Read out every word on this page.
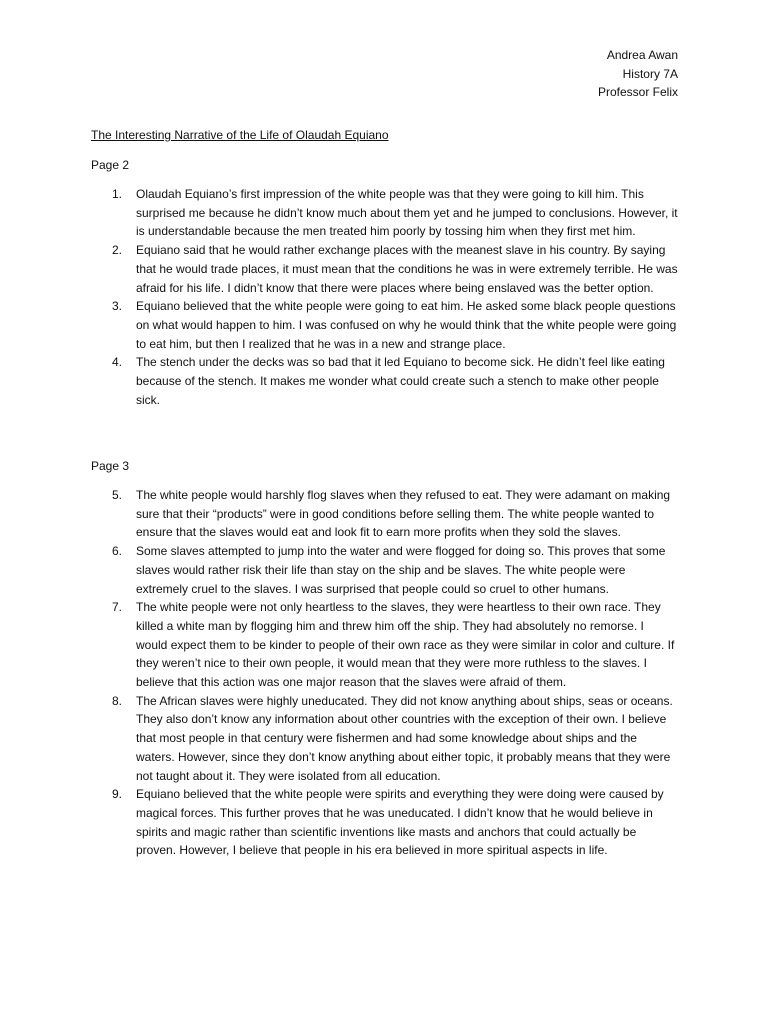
Andrea Awan
History 7A
Professor Felix
The Interesting Narrative of the Life of Olaudah Equiano
Page 2
1. Olaudah Equiano’s first impression of the white people was that they were going to kill him. This surprised me because he didn’t know much about them yet and he jumped to conclusions. However, it is understandable because the men treated him poorly by tossing him when they first met him.
2. Equiano said that he would rather exchange places with the meanest slave in his country. By saying that he would trade places, it must mean that the conditions he was in were extremely terrible. He was afraid for his life. I didn’t know that there were places where being enslaved was the better option.
3. Equiano believed that the white people were going to eat him. He asked some black people questions on what would happen to him. I was confused on why he would think that the white people were going to eat him, but then I realized that he was in a new and strange place.
4. The stench under the decks was so bad that it led Equiano to become sick. He didn’t feel like eating because of the stench. It makes me wonder what could create such a stench to make other people sick.
Page 3
5. The white people would harshly flog slaves when they refused to eat. They were adamant on making sure that their “products” were in good conditions before selling them. The white people wanted to ensure that the slaves would eat and look fit to earn more profits when they sold the slaves.
6. Some slaves attempted to jump into the water and were flogged for doing so. This proves that some slaves would rather risk their life than stay on the ship and be slaves. The white people were extremely cruel to the slaves. I was surprised that people could so cruel to other humans.
7. The white people were not only heartless to the slaves, they were heartless to their own race. They killed a white man by flogging him and threw him off the ship. They had absolutely no remorse. I would expect them to be kinder to people of their own race as they were similar in color and culture. If they weren’t nice to their own people, it would mean that they were more ruthless to the slaves. I believe that this action was one major reason that the slaves were afraid of them.
8. The African slaves were highly uneducated. They did not know anything about ships, seas or oceans. They also don’t know any information about other countries with the exception of their own. I believe that most people in that century were fishermen and had some knowledge about ships and the waters. However, since they don’t know anything about either topic, it probably means that they were not taught about it. They were isolated from all education.
9. Equiano believed that the white people were spirits and everything they were doing were caused by magical forces. This further proves that he was uneducated. I didn’t know that he would believe in spirits and magic rather than scientific inventions like masts and anchors that could actually be proven. However, I believe that people in his era believed in more spiritual aspects in life.
